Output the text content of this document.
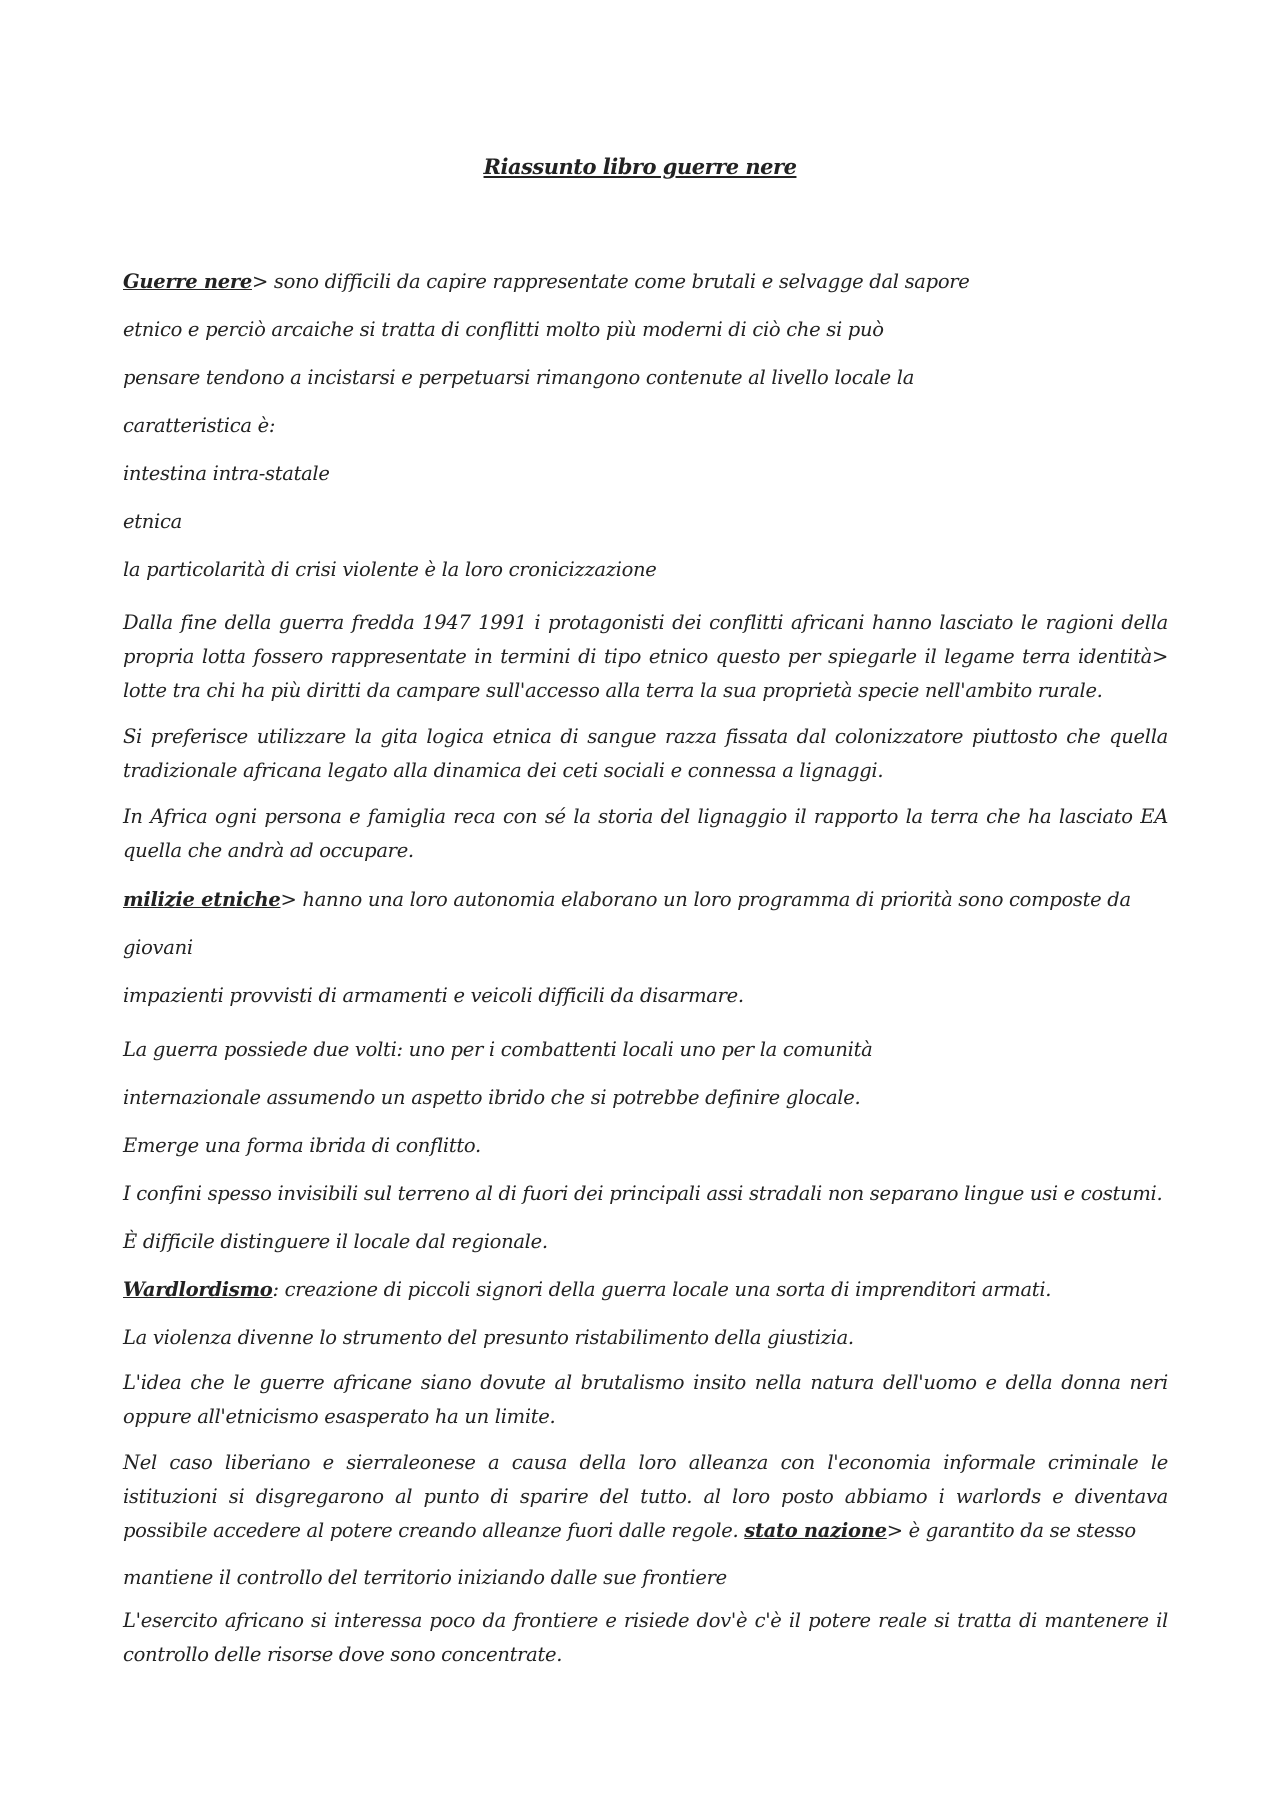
Riassunto libro guerre nere

Guerre nere> sono difficili da capire rappresentate come brutali e selvagge dal sapore

etnico e perciò arcaiche si tratta di conflitti molto più moderni di ciò che si può

pensare tendono a incistarsi e perpetuarsi rimangono contenute al livello locale la

caratteristica è:

intestina intra-statale

etnica

la particolarità di crisi violente è la loro cronicizzazione

Dalla fine della guerra fredda 1947 1991 i protagonisti dei conflitti africani hanno lasciato le ragioni della propria lotta fossero rappresentate in termini di tipo etnico questo per spiegarle il legame terra identità> lotte tra chi ha più diritti da campare sull'accesso alla terra la sua proprietà specie nell'ambito rurale.

Si preferisce utilizzare la gita logica etnica di sangue razza fissata dal colonizzatore piuttosto che quella tradizionale africana legato alla dinamica dei ceti sociali e connessa a lignaggi.

In Africa ogni persona e famiglia reca con sé la storia del lignaggio il rapporto la terra che ha lasciato EA quella che andrà ad occupare.

milizie etniche> hanno una loro autonomia elaborano un loro programma di priorità sono composte da giovani

impazienti provvisti di armamenti e veicoli difficili da disarmare.

La guerra possiede due volti: uno per i combattenti locali uno per la comunità

internazionale assumendo un aspetto ibrido che si potrebbe definire glocale.

Emerge una forma ibrida di conflitto.

I confini spesso invisibili sul terreno al di fuori dei principali assi stradali non separano lingue usi e costumi.

È difficile distinguere il locale dal regionale.

Wardlordismo: creazione di piccoli signori della guerra locale una sorta di imprenditori armati.

La violenza divenne lo strumento del presunto ristabilimento della giustizia.

L'idea che le guerre africane siano dovute al brutalismo insito nella natura dell'uomo e della donna neri oppure all'etnicismo esasperato ha un limite.

Nel caso liberiano e sierraleonese a causa della loro alleanza con l'economia informale criminale le istituzioni si disgregarono al punto di sparire del tutto. al loro posto abbiamo i warlords e diventava possibile accedere al potere creando alleanze fuori dalle regole. stato nazione> è garantito da se stesso

mantiene il controllo del territorio iniziando dalle sue frontiere

L'esercito africano si interessa poco da frontiere e risiede dov'è c'è il potere reale si tratta di mantenere il controllo delle risorse dove sono concentrate.
